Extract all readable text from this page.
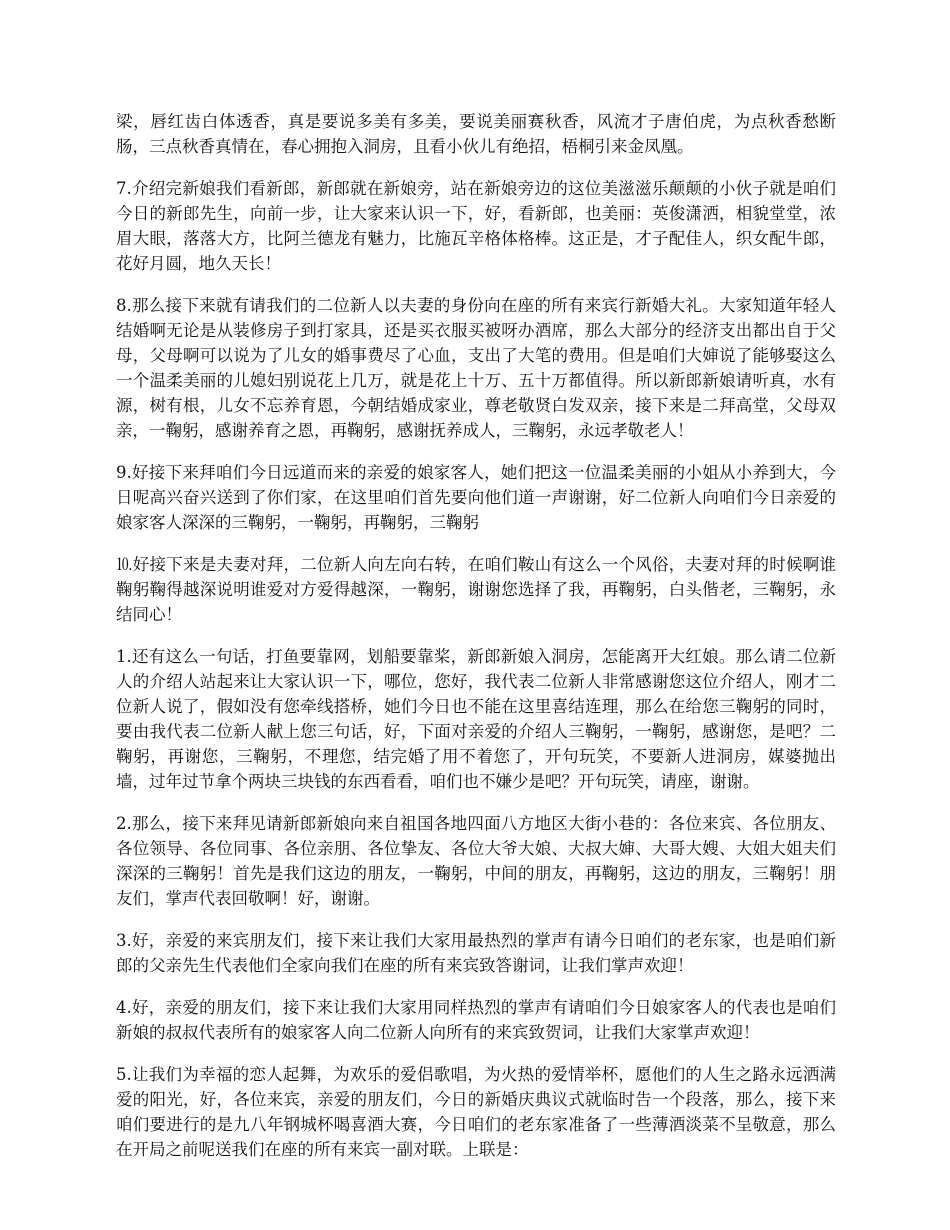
梁，唇红齿白体透香，真是要说多美有多美，要说美丽赛秋香，风流才子唐伯虎，为点秋香愁断肠，三点秋香真情在，春心拥抱入洞房，且看小伙儿有绝招，梧桐引来金凤凰。

7.介绍完新娘我们看新郎，新郎就在新娘旁，站在新娘旁边的这位美滋滋乐颠颠的小伙子就是咱们今日的新郎先生，向前一步，让大家来认识一下，好，看新郎，也美丽：英俊潇洒，相貌堂堂，浓眉大眼，落落大方，比阿兰德龙有魅力，比施瓦辛格体格棒。这正是，才子配佳人，织女配牛郎，花好月圆，地久天长！

8.那么接下来就有请我们的二位新人以夫妻的身份向在座的所有来宾行新婚大礼。大家知道年轻人结婚啊无论是从装修房子到打家具，还是买衣服买被呀办酒席，那么大部分的经济支出都出自于父母，父母啊可以说为了儿女的婚事费尽了心血，支出了大笔的费用。但是咱们大婶说了能够娶这么一个温柔美丽的儿媳妇别说花上几万，就是花上十万、五十万都值得。所以新郎新娘请听真，水有源，树有根，儿女不忘养育恩，今朝结婚成家业，尊老敬贤白发双亲，接下来是二拜高堂，父母双亲，一鞠躬，感谢养育之恩，再鞠躬，感谢抚养成人，三鞠躬，永远孝敬老人！

9.好接下来拜咱们今日远道而来的亲爱的娘家客人，她们把这一位温柔美丽的小姐从小养到大，今日呢高兴奋兴送到了你们家，在这里咱们首先要向他们道一声谢谢，好二位新人向咱们今日亲爱的娘家客人深深的三鞠躬，一鞠躬，再鞠躬，三鞠躬

⒑好接下来是夫妻对拜，二位新人向左向右转，在咱们鞍山有这么一个风俗，夫妻对拜的时候啊谁鞠躬鞠得越深说明谁爱对方爱得越深，一鞠躬，谢谢您选择了我，再鞠躬，白头偕老，三鞠躬，永结同心！

1.还有这么一句话，打鱼要靠网，划船要靠桨，新郎新娘入洞房，怎能离开大红娘。那么请二位新人的介绍人站起来让大家认识一下，哪位，您好，我代表二位新人非常感谢您这位介绍人，刚才二位新人说了，假如没有您牵线搭桥，她们今日也不能在这里喜结连理，那么在给您三鞠躬的同时，要由我代表二位新人献上您三句话，好，下面对亲爱的介绍人三鞠躬，一鞠躬，感谢您，是吧？二鞠躬，再谢您，三鞠躬，不理您，结完婚了用不着您了，开句玩笑，不要新人进洞房，媒婆抛出墙，过年过节拿个两块三块钱的东西看看，咱们也不嫌少是吧？开句玩笑，请座，谢谢。

2.那么，接下来拜见请新郎新娘向来自祖国各地四面八方地区大街小巷的：各位来宾、各位朋友、各位领导、各位同事、各位亲朋、各位挚友、各位大爷大娘、大叔大婶、大哥大嫂、大姐大姐夫们深深的三鞠躬！首先是我们这边的朋友，一鞠躬，中间的朋友，再鞠躬，这边的朋友，三鞠躬！朋友们，掌声代表回敬啊！好，谢谢。

3.好，亲爱的来宾朋友们，接下来让我们大家用最热烈的掌声有请今日咱们的老东家，也是咱们新郎的父亲先生代表他们全家向我们在座的所有来宾致答谢词，让我们掌声欢迎！

4.好，亲爱的朋友们，接下来让我们大家用同样热烈的掌声有请咱们今日娘家客人的代表也是咱们新娘的叔叔代表所有的娘家客人向二位新人向所有的来宾致贺词，让我们大家掌声欢迎！

5.让我们为幸福的恋人起舞，为欢乐的爱侣歌唱，为火热的爱情举杯，愿他们的人生之路永远洒满爱的阳光，好，各位来宾，亲爱的朋友们，今日的新婚庆典议式就临时告一个段落，那么，接下来咱们要进行的是九八年钢城杯喝喜酒大赛，今日咱们的老东家准备了一些薄酒淡菜不呈敬意，那么在开局之前呢送我们在座的所有来宾一副对联。上联是：
